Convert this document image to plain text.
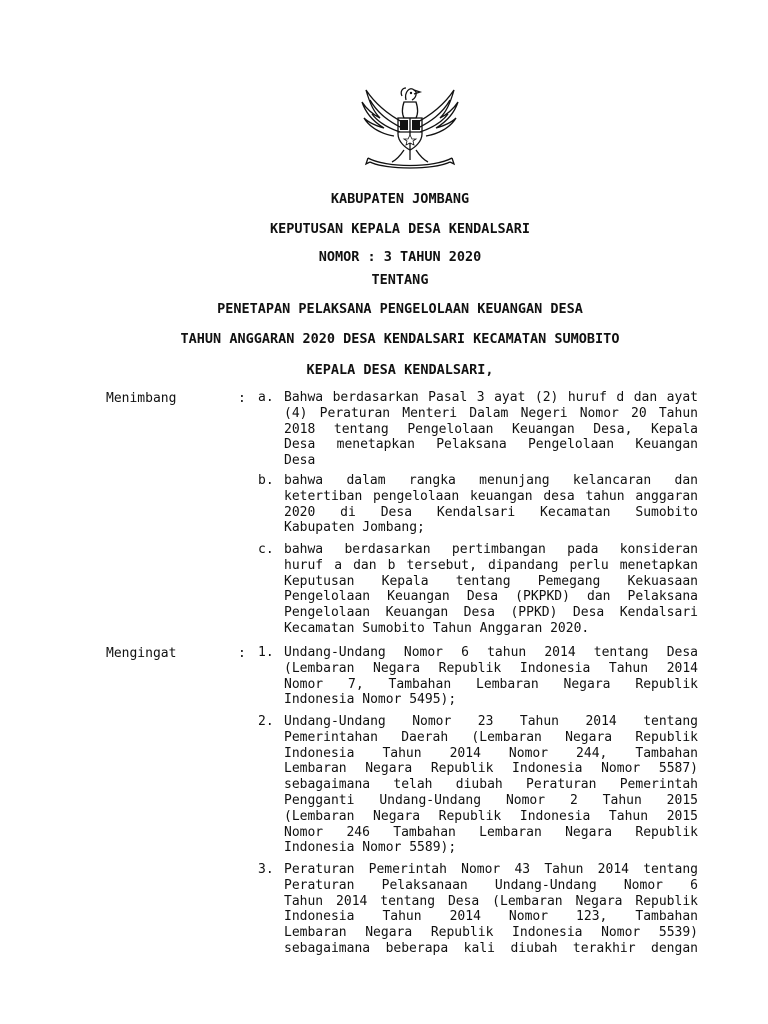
KABUPATEN JOMBANG
KEPUTUSAN KEPALA DESA KENDALSARI
NOMOR : 3 TAHUN 2020
TENTANG
PENETAPAN PELAKSANA PENGELOLAAN KEUANGAN DESA
TAHUN ANGGARAN 2020 DESA KENDALSARI KECAMATAN SUMOBITO
KEPALA DESA KENDALSARI,
Menimbang	: a. Bahwa berdasarkan Pasal 3 ayat (2) huruf d dan ayat
(4) Peraturan Menteri Dalam Negeri Nomor 20 Tahun
2018 tentang Pengelolaan Keuangan Desa, Kepala
Desa menetapkan Pelaksana Pengelolaan Keuangan
Desa
b. bahwa dalam rangka menunjang kelancaran dan
ketertiban pengelolaan keuangan desa tahun anggaran
2020 di Desa Kendalsari Kecamatan Sumobito
Kabupaten Jombang;
c. bahwa berdasarkan pertimbangan pada konsideran
huruf a dan b tersebut, dipandang perlu menetapkan
Keputusan Kepala tentang Pemegang Kekuasaan
Pengelolaan Keuangan Desa (PKPKD) dan Pelaksana
Pengelolaan Keuangan Desa (PPKD) Desa Kendalsari
Kecamatan Sumobito Tahun Anggaran 2020.
Mengingat	: 1. Undang-Undang Nomor 6 tahun 2014 tentang Desa
(Lembaran Negara Republik Indonesia Tahun 2014
Nomor 7, Tambahan Lembaran Negara Republik
Indonesia Nomor 5495);
2. Undang-Undang Nomor 23 Tahun 2014 tentang
Pemerintahan Daerah (Lembaran Negara Republik
Indonesia Tahun 2014 Nomor 244, Tambahan
Lembaran Negara Republik Indonesia Nomor 5587)
sebagaimana telah diubah Peraturan Pemerintah
Pengganti Undang-Undang Nomor 2 Tahun 2015
(Lembaran Negara Republik Indonesia Tahun 2015
Nomor 246 Tambahan Lembaran Negara Republik
Indonesia Nomor 5589);
3. Peraturan Pemerintah Nomor 43 Tahun 2014 tentang
Peraturan Pelaksanaan Undang-Undang Nomor 6
Tahun 2014 tentang Desa (Lembaran Negara Republik
Indonesia Tahun 2014 Nomor 123, Tambahan
Lembaran Negara Republik Indonesia Nomor 5539)
sebagaimana beberapa kali diubah terakhir dengan
